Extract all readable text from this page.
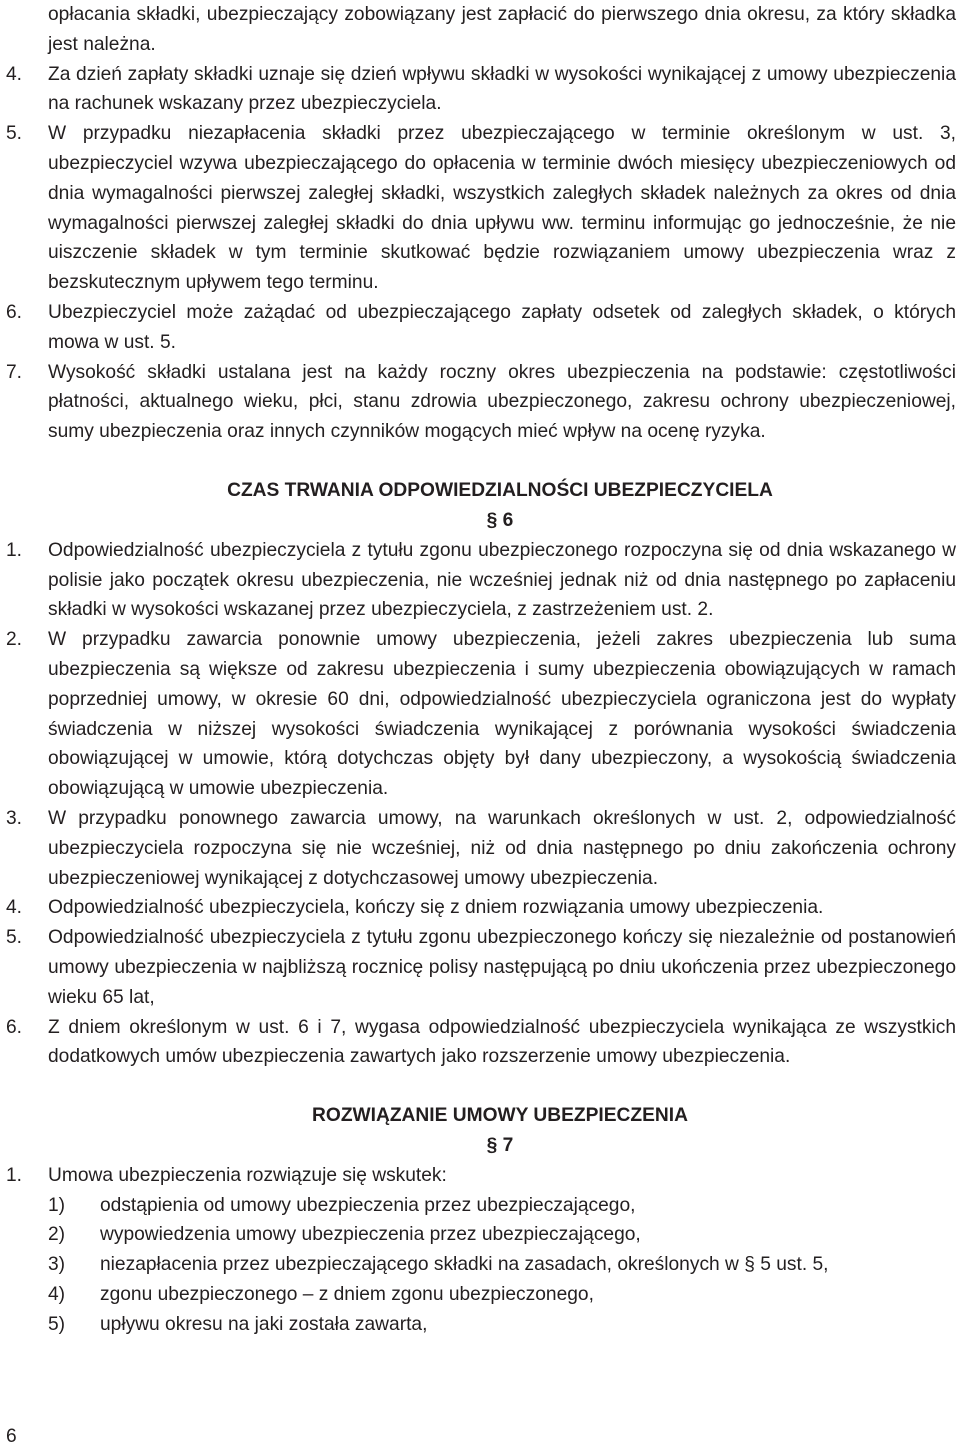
opłacania składki, ubezpieczający zobowiązany jest zapłacić do pierwszego dnia okresu, za który składka jest należna.
4. Za dzień zapłaty składki uznaje się dzień wpływu składki w wysokości wynikającej z umowy ubezpieczenia na rachunek wskazany przez ubezpieczyciela.
5. W przypadku niezapłacenia składki przez ubezpieczającego w terminie określonym w ust. 3, ubezpieczyciel wzywa ubezpieczającego do opłacenia w terminie dwóch miesięcy ubezpieczeniowych od dnia wymagalności pierwszej zaległej składki, wszystkich zaległych składek należnych za okres od dnia wymagalności pierwszej zaległej składki do dnia upływu ww. terminu informując go jednocześnie, że nie uiszczenie składek w tym terminie skutkować będzie rozwiązaniem umowy ubezpieczenia wraz z bezskutecznym upływem tego terminu.
6. Ubezpieczyciel może zażądać od ubezpieczającego zapłaty odsetek od zaległych składek, o których mowa w ust. 5.
7. Wysokość składki ustalana jest na każdy roczny okres ubezpieczenia na podstawie: częstotliwości płatności, aktualnego wieku, płci, stanu zdrowia ubezpieczonego, zakresu ochrony ubezpieczeniowej, sumy ubezpieczenia oraz innych czynników mogących mieć wpływ na ocenę ryzyka.
CZAS TRWANIA ODPOWIEDZIALNOŚCI UBEZPIECZYCIELA
§ 6
1. Odpowiedzialność ubezpieczyciela z tytułu zgonu ubezpieczonego rozpoczyna się od dnia wskazanego w polisie jako początek okresu ubezpieczenia, nie wcześniej jednak niż od dnia następnego po zapłaceniu składki w wysokości wskazanej przez ubezpieczyciela, z zastrzeżeniem ust. 2.
2. W przypadku zawarcia ponownie umowy ubezpieczenia, jeżeli zakres ubezpieczenia lub suma ubezpieczenia są większe od zakresu ubezpieczenia i sumy ubezpieczenia obowiązujących w ramach poprzedniej umowy, w okresie 60 dni, odpowiedzialność ubezpieczyciela ograniczona jest do wypłaty świadczenia w niższej wysokości świadczenia wynikającej z porównania wysokości świadczenia obowiązującej w umowie, którą dotychczas objęty był dany ubezpieczony, a wysokością świadczenia obowiązującą w umowie ubezpieczenia.
3. W przypadku ponownego zawarcia umowy, na warunkach określonych w ust. 2, odpowiedzialność ubezpieczyciela rozpoczyna się nie wcześniej, niż od dnia następnego po dniu zakończenia ochrony ubezpieczeniowej wynikającej z dotychczasowej umowy ubezpieczenia.
4. Odpowiedzialność ubezpieczyciela, kończy się z dniem rozwiązania umowy ubezpieczenia.
5. Odpowiedzialność ubezpieczyciela z tytułu zgonu ubezpieczonego kończy się niezależnie od postanowień umowy ubezpieczenia w najbliższą rocznicę polisy następującą po dniu ukończenia przez ubezpieczonego wieku 65 lat,
6. Z dniem określonym w ust. 6 i 7, wygasa odpowiedzialność ubezpieczyciela wynikająca ze wszystkich dodatkowych umów ubezpieczenia zawartych jako rozszerzenie umowy ubezpieczenia.
ROZWIĄZANIE UMOWY UBEZPIECZENIA
§ 7
1. Umowa ubezpieczenia rozwiązuje się wskutek:
1) odstąpienia od umowy ubezpieczenia przez ubezpieczającego,
2) wypowiedzenia umowy ubezpieczenia przez ubezpieczającego,
3) niezapłacenia przez ubezpieczającego składki na zasadach, określonych w § 5 ust. 5,
4) zgonu ubezpieczonego – z dniem zgonu ubezpieczonego,
5) upływu okresu na jaki została zawarta,
6
